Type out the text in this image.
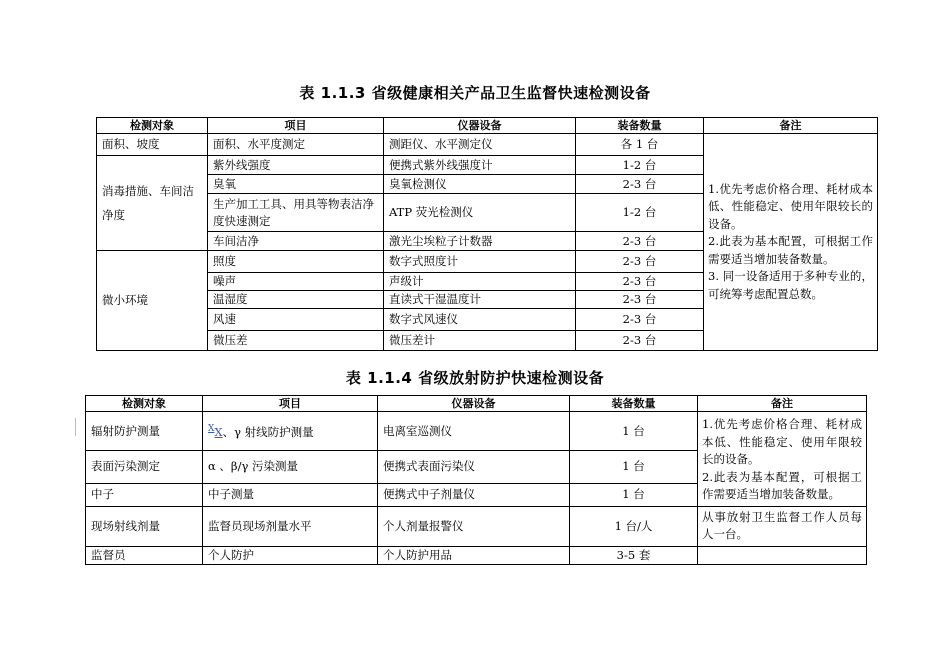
表 1.1.3 省级健康相关产品卫生监督快速检测设备
检测对象	项目	仪器设备	装备数量	备注
面积、坡度	面积、水平度测定	测距仪、水平测定仪	各 1 台	1.优先考虑价格合理、耗材成本低、性能稳定、使用年限较长的设备。
2.此表为基本配置，可根据工作需要适当增加装备数量。
3. 同一设备适用于多种专业的，可统筹考虑配置总数。
消毒措施、车间洁净度	紫外线强度	便携式紫外线强度计	1-2 台	
	臭氧	臭氧检测仪	2-3 台	
	生产加工工具、用具等物表洁净度快速测定	ATP 荧光检测仪	1-2 台	
	车间洁净	激光尘埃粒子计数器	2-3 台	
微小环境	照度	数字式照度计	2-3 台	
	噪声	声级计	2-3 台	
	温湿度	直读式干湿温度计	2-3 台	
	风速	数字式风速仪	2-3 台	
	微压差	微压差计	2-3 台	
表 1.1.4 省级放射防护快速检测设备
检测对象	项目	仪器设备	装备数量	备注
辐射防护测量	$^X$X、γ 射线防护测量	电离室巡测仪	1 台	1.优先考虑价格合理、耗材成本低、性能稳定、使用年限较长的设备。
2.此表为基本配置，可根据工作需要适当增加装备数量。
表面污染测定	α 、β/γ 污染测量	便携式表面污染仪	1 台	
中子	中子测量	便携式中子剂量仪	1 台	
现场射线剂量	监督员现场剂量水平	个人剂量报警仪	1 台/人	从事放射卫生监督工作人员每人一台。
监督员	个人防护	个人防护用品	3-5 套	
